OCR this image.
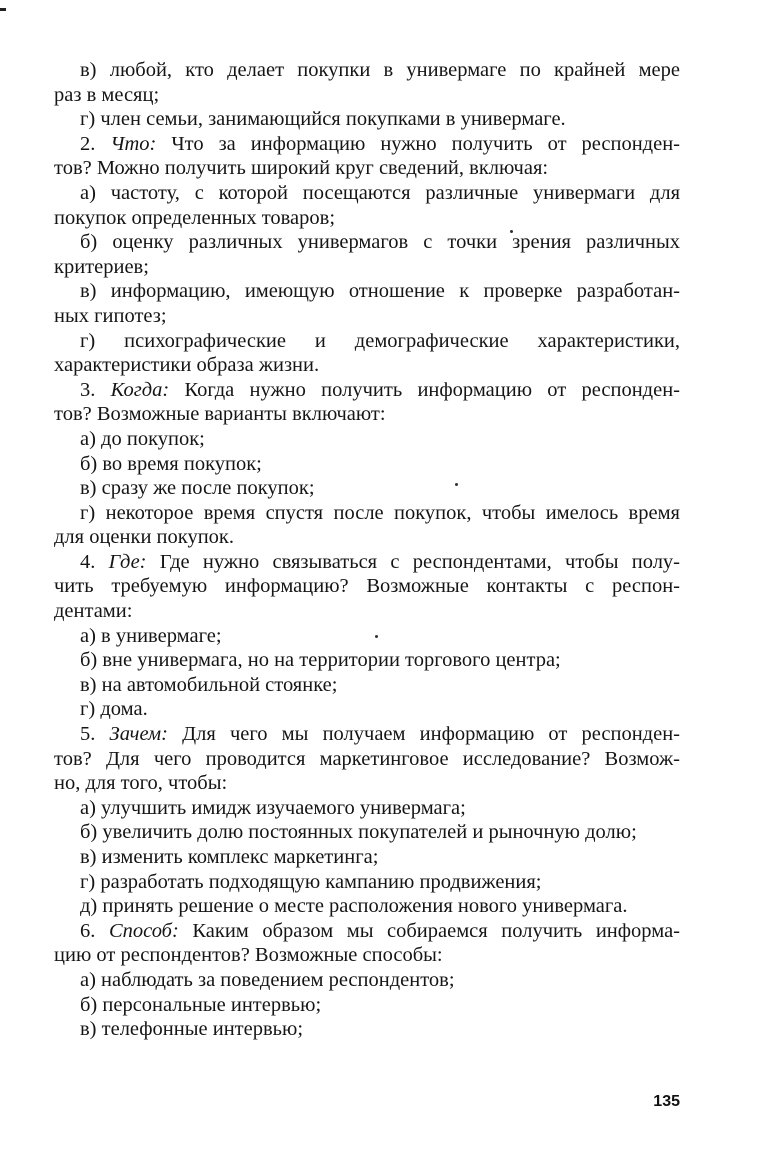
в) любой, кто делает покупки в универмаге по крайней мере
раз в месяц;
г) член семьи, занимающийся покупками в универмаге.
2. Что: Что за информацию нужно получить от респонден-
тов? Можно получить широкий круг сведений, включая:
а) частоту, с которой посещаются различные универмаги для
покупок определенных товаров;
б) оценку различных универмагов с точки зрения различных
критериев;
в) информацию, имеющую отношение к проверке разработан-
ных гипотез;
г) психографические и демографические характеристики,
характеристики образа жизни.
3. Когда: Когда нужно получить информацию от респонден-
тов? Возможные варианты включают:
а) до покупок;
б) во время покупок;
в) сразу же после покупок;
г) некоторое время спустя после покупок, чтобы имелось время
для оценки покупок.
4. Где: Где нужно связываться с респондентами, чтобы полу-
чить требуемую информацию? Возможные контакты с респон-
дентами:
а) в универмаге;
б) вне универмага, но на территории торгового центра;
в) на автомобильной стоянке;
г) дома.
5. Зачем: Для чего мы получаем информацию от респонден-
тов? Для чего проводится маркетинговое исследование? Возмож-
но, для того, чтобы:
а) улучшить имидж изучаемого универмага;
б) увеличить долю постоянных покупателей и рыночную долю;
в) изменить комплекс маркетинга;
г) разработать подходящую кампанию продвижения;
д) принять решение о месте расположения нового универмага.
6. Способ: Каким образом мы собираемся получить информа-
цию от респондентов? Возможные способы:
а) наблюдать за поведением респондентов;
б) персональные интервью;
в) телефонные интервью;
135
